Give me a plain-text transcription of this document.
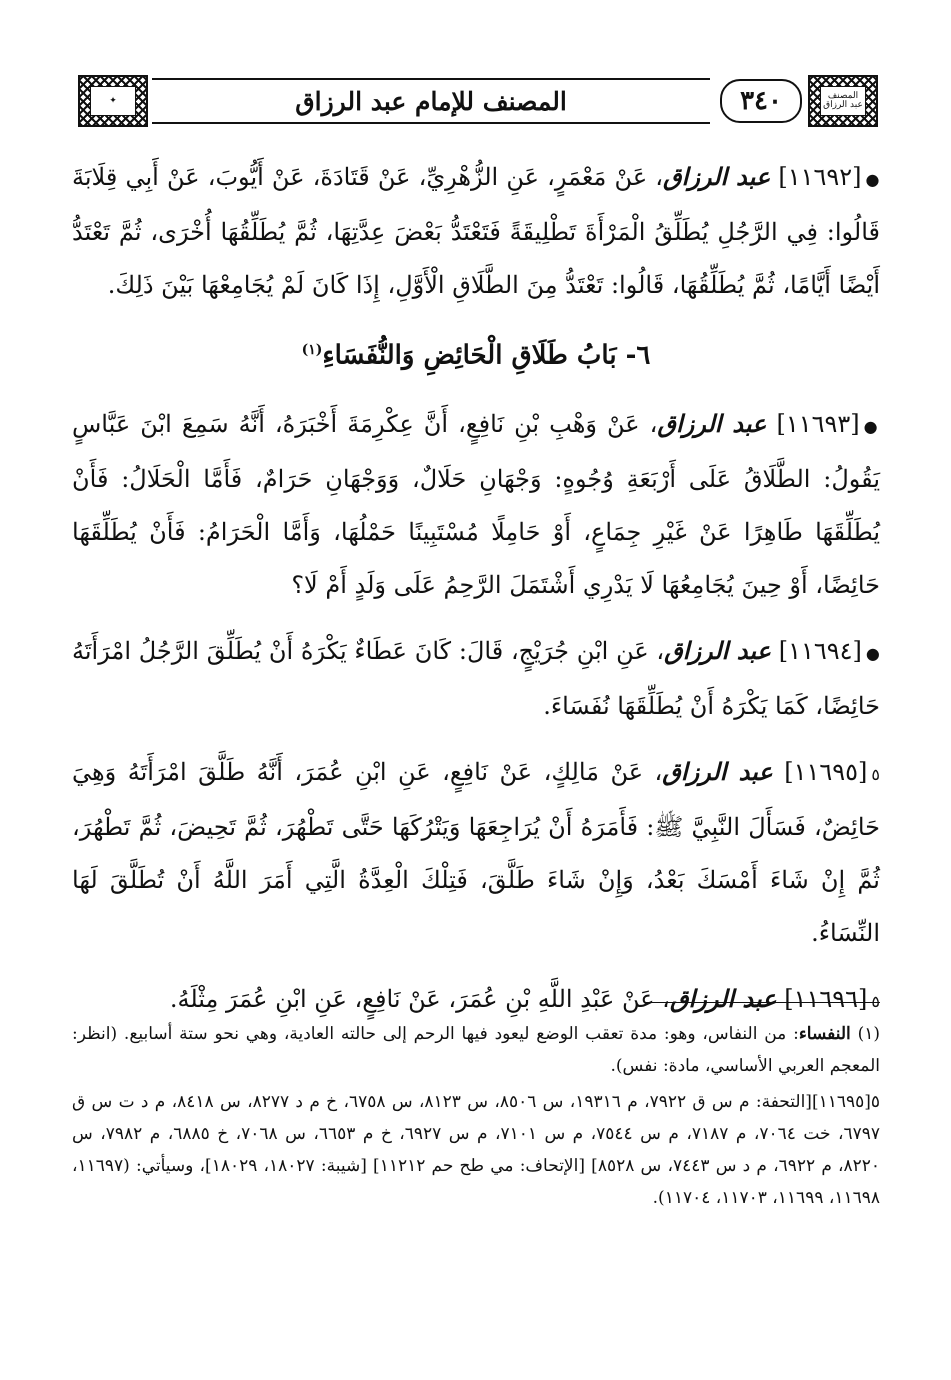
المصنف عبد الرزاق
٣٤٠
المصنف للإمام عبد الرزاق
✦
●[١١٦٩٢] عبد الرزاق، عَنْ مَعْمَرٍ، عَنِ الزُّهْرِيِّ، عَنْ قَتَادَةَ، عَنْ أَيُّوبَ، عَنْ أَبِي قِلَابَةَ قَالُوا: فِي الرَّجُلِ يُطَلِّقُ الْمَرْأَةَ تَطْلِيقَةً فَتَعْتَدُّ بَعْضَ عِدَّتِهَا، ثُمَّ يُطَلِّقُهَا أُخْرَى، ثُمَّ تَعْتَدُّ أَيْضًا أَيَّامًا، ثُمَّ يُطَلِّقُهَا، قَالُوا: تَعْتَدُّ مِنَ الطَّلَاقِ الْأَوَّلِ، إِذَا كَانَ لَمْ يُجَامِعْهَا بَيْنَ ذَلِكَ.
٦- بَابُ طَلَاقِ الْحَائِضِ وَالنُّفَسَاءِ$^{(١)}$
●[١١٦٩٣] عبد الرزاق، عَنْ وَهْبِ بْنِ نَافِعٍ، أَنَّ عِكْرِمَةَ أَخْبَرَهُ، أَنَّهُ سَمِعَ ابْنَ عَبَّاسٍ يَقُولُ: الطَّلَاقُ عَلَى أَرْبَعَةِ وُجُوهٍ: وَجْهَانِ حَلَالٌ، وَوَجْهَانِ حَرَامٌ، فَأَمَّا الْحَلَالُ: فَأَنْ يُطَلِّقَهَا طَاهِرًا عَنْ غَيْرِ جِمَاعٍ، أَوْ حَامِلًا مُسْتَبِينًا حَمْلُهَا، وَأَمَّا الْحَرَامُ: فَأَنْ يُطَلِّقَهَا حَائِضًا، أَوْ حِينَ يُجَامِعُهَا لَا يَدْرِي أَشْتَمَلَ الرَّحِمُ عَلَى وَلَدٍ أَمْ لَا؟
●[١١٦٩٤] عبد الرزاق، عَنِ ابْنِ جُرَيْجٍ، قَالَ: كَانَ عَطَاءٌ يَكْرَهُ أَنْ يُطَلِّقَ الرَّجُلُ امْرَأَتَهُ حَائِضًا، كَمَا يَكْرَهُ أَنْ يُطَلِّقَهَا نُفَسَاءَ.
٥[١١٦٩٥] عبد الرزاق، عَنْ مَالِكٍ، عَنْ نَافِعٍ، عَنِ ابْنِ عُمَرَ، أَنَّهُ طَلَّقَ امْرَأَتَهُ وَهِيَ حَائِضٌ، فَسَأَلَ النَّبِيَّ ﷺ: فَأَمَرَهُ أَنْ يُرَاجِعَهَا وَيَتْرُكَهَا حَتَّى تَطْهُرَ، ثُمَّ تَحِيضَ، ثُمَّ تَطْهُرَ، ثُمَّ إِنْ شَاءَ أَمْسَكَ بَعْدُ، وَإِنْ شَاءَ طَلَّقَ، فَتِلْكَ الْعِدَّةُ الَّتِي أَمَرَ اللَّهُ أَنْ تُطَلَّقَ لَهَا النِّسَاءُ.
٥[١١٦٩٦] عبد الرزاق، عَنْ عَبْدِ اللَّهِ بْنِ عُمَرَ، عَنْ نَافِعٍ، عَنِ ابْنِ عُمَرَ مِثْلَهُ.
(١) النفساء: من النفاس، وهو: مدة تعقب الوضع ليعود فيها الرحم إلى حالته العادية، وهي نحو ستة أسابيع. (انظر: المعجم العربي الأساسي، مادة: نفس).
٥[١١٦٩٥][التحفة: م س ق ٧٩٢٢، م ١٩٣١٦، س ٨٥٠٦، س ٨١٢٣، س ٦٧٥٨، خ م د ٨٢٧٧، س ٨٤١٨، م د ت س ق ٦٧٩٧، خت ٧٠٦٤، م ٧١٨٧، م س ٧٥٤٤، م س ٧١٠١، م س ٦٩٢٧، خ م ٦٦٥٣، س ٧٠٦٨، خ ٦٨٨٥، م ٧٩٨٢، س ٨٢٢٠، م ٦٩٢٢، م د س ٧٤٤٣، س ٨٥٢٨] [الإتحاف: مي طح حم ١١٢١٢] [شيبة: ١٨٠٢٧، ١٨٠٢٩]، وسيأتي: (١١٦٩٧، ١١٦٩٨، ١١٦٩٩، ١١٧٠٣، ١١٧٠٤).
